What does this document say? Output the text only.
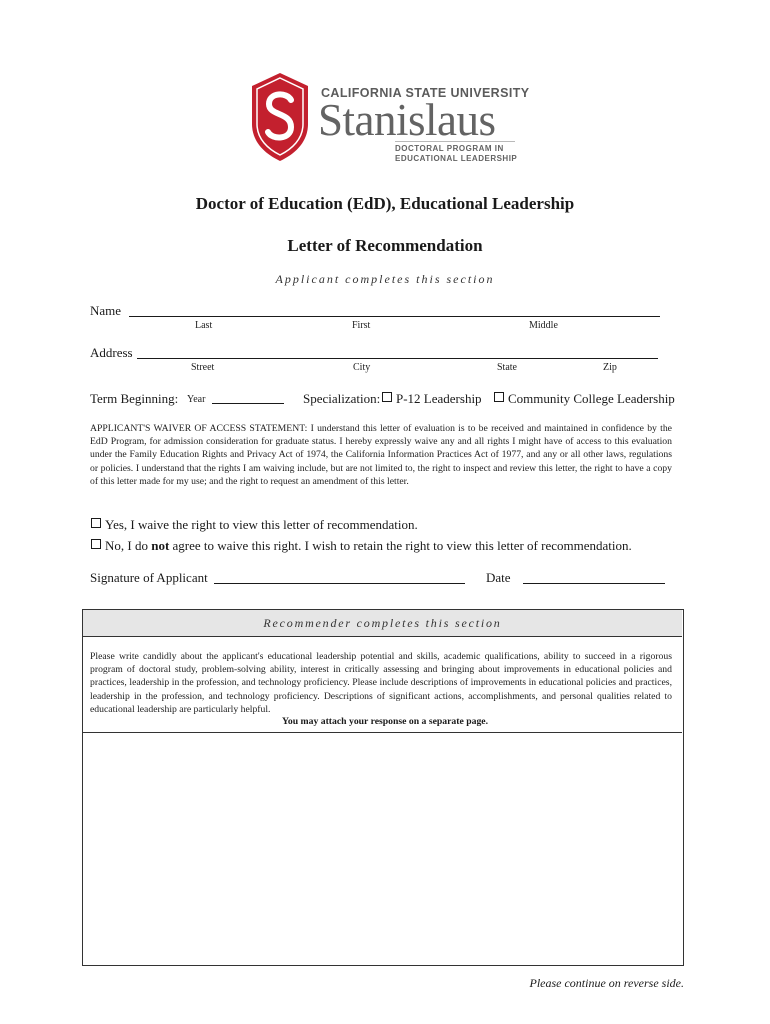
CALIFORNIA STATE UNIVERSITY
Stanislaus
DOCTORAL PROGRAM IN
EDUCATIONAL LEADERSHIP
Doctor of Education (EdD), Educational Leadership
Letter of Recommendation
Applicant completes this section
Name
Last	First	Middle
Address
Street	City	State	Zip
Term Beginning: Year	Specialization:	P-12 Leadership	Community College Leadership
APPLICANT'S WAIVER OF ACCESS STATEMENT: I understand this letter of evaluation is to be received and maintained in confidence by the EdD Program, for admission consideration for graduate status. I hereby expressly waive any and all rights I might have of access to this evaluation under the Family Education Rights and Privacy Act of 1974, the California Information Practices Act of 1977, and any or all other laws, regulations or policies. I understand that the rights I am waiving include, but are not limited to, the right to inspect and review this letter, the right to have a copy of this letter made for my use; and the right to request an amendment of this letter.
Yes, I waive the right to view this letter of recommendation.
No, I do not agree to waive this right. I wish to retain the right to view this letter of recommendation.
Signature of Applicant	Date
Recommender completes this section
Please write candidly about the applicant's educational leadership potential and skills, academic qualifications, ability to succeed in a rigorous program of doctoral study, problem-solving ability, interest in critically assessing and bringing about improvements in educational policies and practices, leadership in the profession, and technology proficiency. Please include descriptions of improvements in educational policies and practices, leadership in the profession, and technology proficiency. Descriptions of significant actions, accomplishments, and personal qualities related to educational leadership are particularly helpful.
You may attach your response on a separate page.
Please continue on reverse side.
